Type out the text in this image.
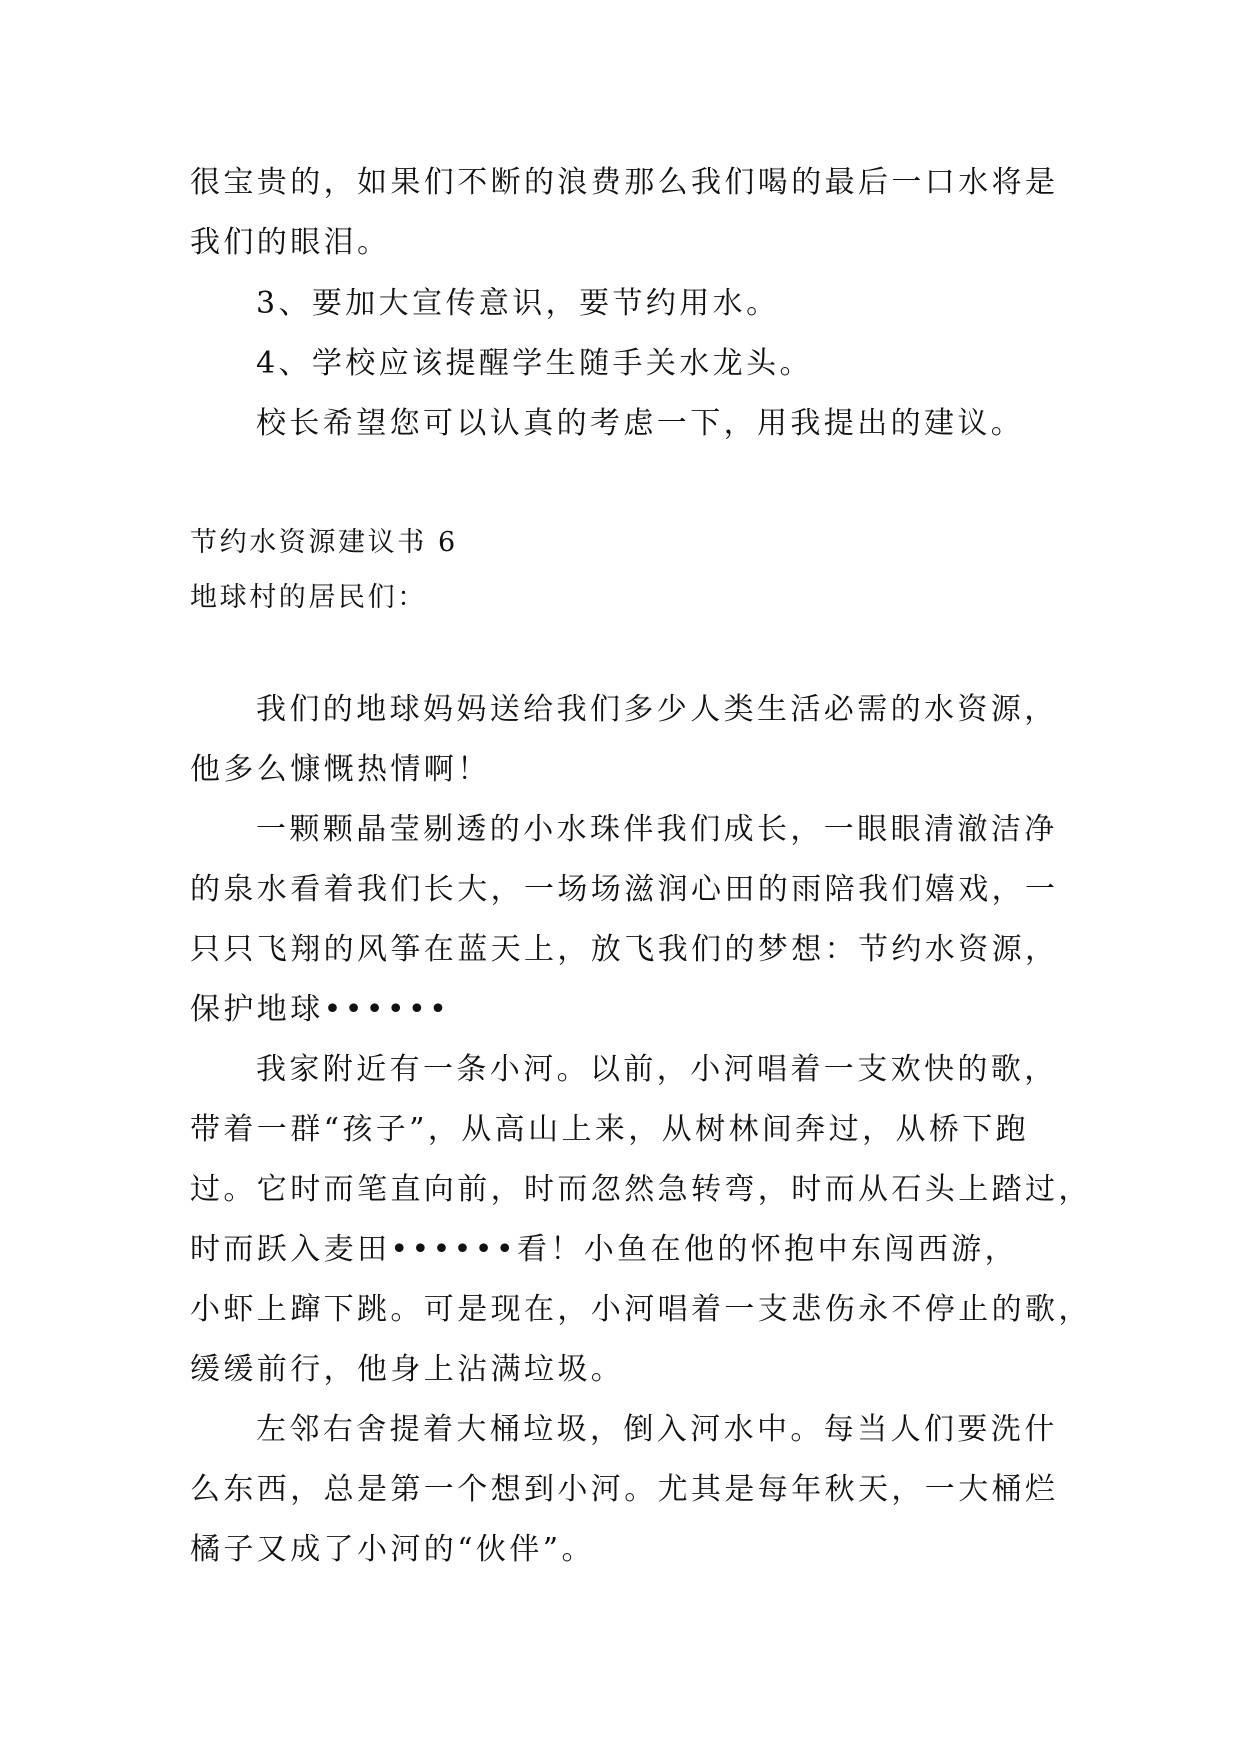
很宝贵的，如果们不断的浪费那么我们喝的最后一口水将是
我们的眼泪。
3、要加大宣传意识，要节约用水。
4、学校应该提醒学生随手关水龙头。
校长希望您可以认真的考虑一下，用我提出的建议。
节约水资源建议书 6
地球村的居民们：
我们的地球妈妈送给我们多少人类生活必需的水资源，
他多么慷慨热情啊！
一颗颗晶莹剔透的小水珠伴我们成长，一眼眼清澈洁净
的泉水看着我们长大，一场场滋润心田的雨陪我们嬉戏，一
只只飞翔的风筝在蓝天上，放飞我们的梦想：节约水资源，
保护地球••••••
我家附近有一条小河。以前，小河唱着一支欢快的歌，
带着一群“孩子”，从高山上来，从树林间奔过，从桥下跑
过。它时而笔直向前，时而忽然急转弯，时而从石头上踏过，
时而跃入麦田••••••看！小鱼在他的怀抱中东闯西游，
小虾上蹿下跳。可是现在，小河唱着一支悲伤永不停止的歌，
缓缓前行，他身上沾满垃圾。
左邻右舍提着大桶垃圾，倒入河水中。每当人们要洗什
么东西，总是第一个想到小河。尤其是每年秋天，一大桶烂
橘子又成了小河的“伙伴”。
